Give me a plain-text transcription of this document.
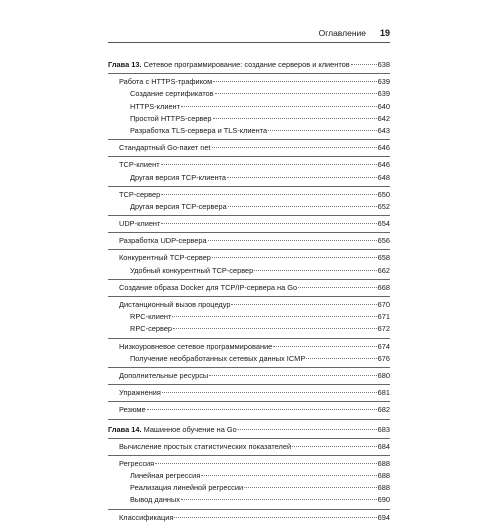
Оглавление 19
Глава 13. Сетевое программирование: создание серверов и клиентов	638
Работа с HTTPS-трафиком	639
Создание сертификатов	639
HTTPS-клиент	640
Простой HTTPS-сервер	642
Разработка TLS-сервера и TLS-клиента	643
Стандартный Go-пакет net	646
TCP-клиент	646
Другая версия TCP-клиента	648
TCP-сервер	650
Другая версия TCP-сервера	652
UDP-клиент	654
Разработка UDP-сервера	656
Конкурентный TCP-сервер	658
Удобный конкурентный TCP-сервер	662
Создание образа Docker для TCP/IP-сервера на Go	668
Дистанционный вызов процедур	670
RPC-клиент	671
RPC-сервер	672
Низкоуровневое сетевое программирование	674
Получение необработанных сетевых данных ICMP	676
Дополнительные ресурсы	680
Упражнения	681
Резюме	682
Глава 14. Машинное обучение на Go	683
Вычисление простых статистических показателей	684
Регрессия	688
Линейная регрессия	688
Реализация линейной регрессии	688
Вывод данных	690
Классификация	694
